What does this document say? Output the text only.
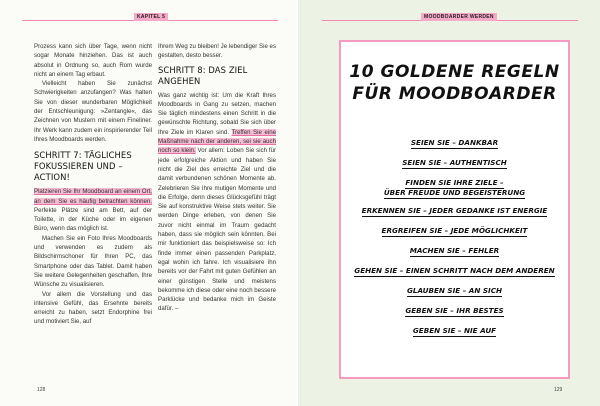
KAPITEL 5

Prozess kann sich über Tage, wenn nicht sogar Monate hinziehen. Das ist auch absolut in Ordnung so, auch Rom wurde nicht an einem Tag erbaut.

Vielleicht haben Sie zunächst Schwierigkeiten anzufangen? Was halten Sie von dieser wunderbaren Möglichkeit der Entschleunigung: »Zentangle«, das Zeichnen von Mustern mit einem Fineliner. Ihr Werk kann zudem ein inspirierender Teil Ihres Moodboards werden.

SCHRITT 7: TÄGLICHES FOKUSSIEREN UND – ACTION!

Platzieren Sie Ihr Moodboard an einem Ort, an dem Sie es häufig betrachten können. Perfekte Plätze sind am Bett, auf der Toilette, in der Küche oder im eigenen Büro, wenn das möglich ist.

Machen Sie ein Foto Ihres Moodboards und verwenden es zudem als Bildschirmschoner für Ihren PC, das Smartphone oder das Tablet. Damit haben Sie weitere Gelegenheiten geschaffen, Ihre Wünsche zu visualisieren.

Vor allem die Vorstellung und das intensive Gefühl, das Ersehnte bereits erreicht zu haben, setzt Endorphine frei und motiviert Sie, auf

Ihrem Weg zu bleiben! Je lebendiger Sie es gestalten, desto besser.

SCHRITT 8: DAS ZIEL ANGEHEN

Was ganz wichtig ist: Um die Kraft Ihres Moodboards in Gang zu setzen, machen Sie täglich mindestens einen Schritt in die gewünschte Richtung, sobald Sie sich über Ihre Ziele im Klaren sind. Treffen Sie eine Maßnahme nach der anderen, sei sie auch noch so klein. Vor allem: Loben Sie sich für jede erfolgreiche Aktion und haben Sie nicht die Ziel des erreichte Ziel und die damit verbundenen schönen Momente ab. Zelebrieren Sie Ihre mutigen Momente und die Erfolge, denn dieses Glücksgefühl trägt Sie auf konstruktive Weise stets weiter. Sie werden Dinge erleben, von denen Sie zuvor nicht einmal im Traum gedacht haben, dass sie möglich sein könnten. Bei mir funktioniert das beispielsweise so: Ich finde immer einen passenden Parkplatz, egal wohin ich fahre. Ich visualisiere ihn bereits vor der Fahrt mit guten Gefühlen an einer günstigen Stelle und meistens bekomme ich diese oder eine noch bessere Parklücke und bedanke mich im Geiste dafür. –

128
MOODBOARDER WERDEN
129
10 GOLDENE REGELN
FÜR MOODBOARDER
SEIEN SIE – DANKBAR
SEIEN SIE – AUTHENTISCH
FINDEN SIE IHRE ZIELE –
ÜBER FREUDE UND BEGEISTERUNG
ERKENNEN SIE – JEDER GEDANKE IST ENERGIE
ERGREIFEN SIE – JEDE MÖGLICHKEIT
MACHEN SIE – FEHLER
GEHEN SIE – EINEN SCHRITT NACH DEM ANDEREN
GLAUBEN SIE – AN SICH
GEBEN SIE – IHR BESTES
GEBEN SIE – NIE AUF
